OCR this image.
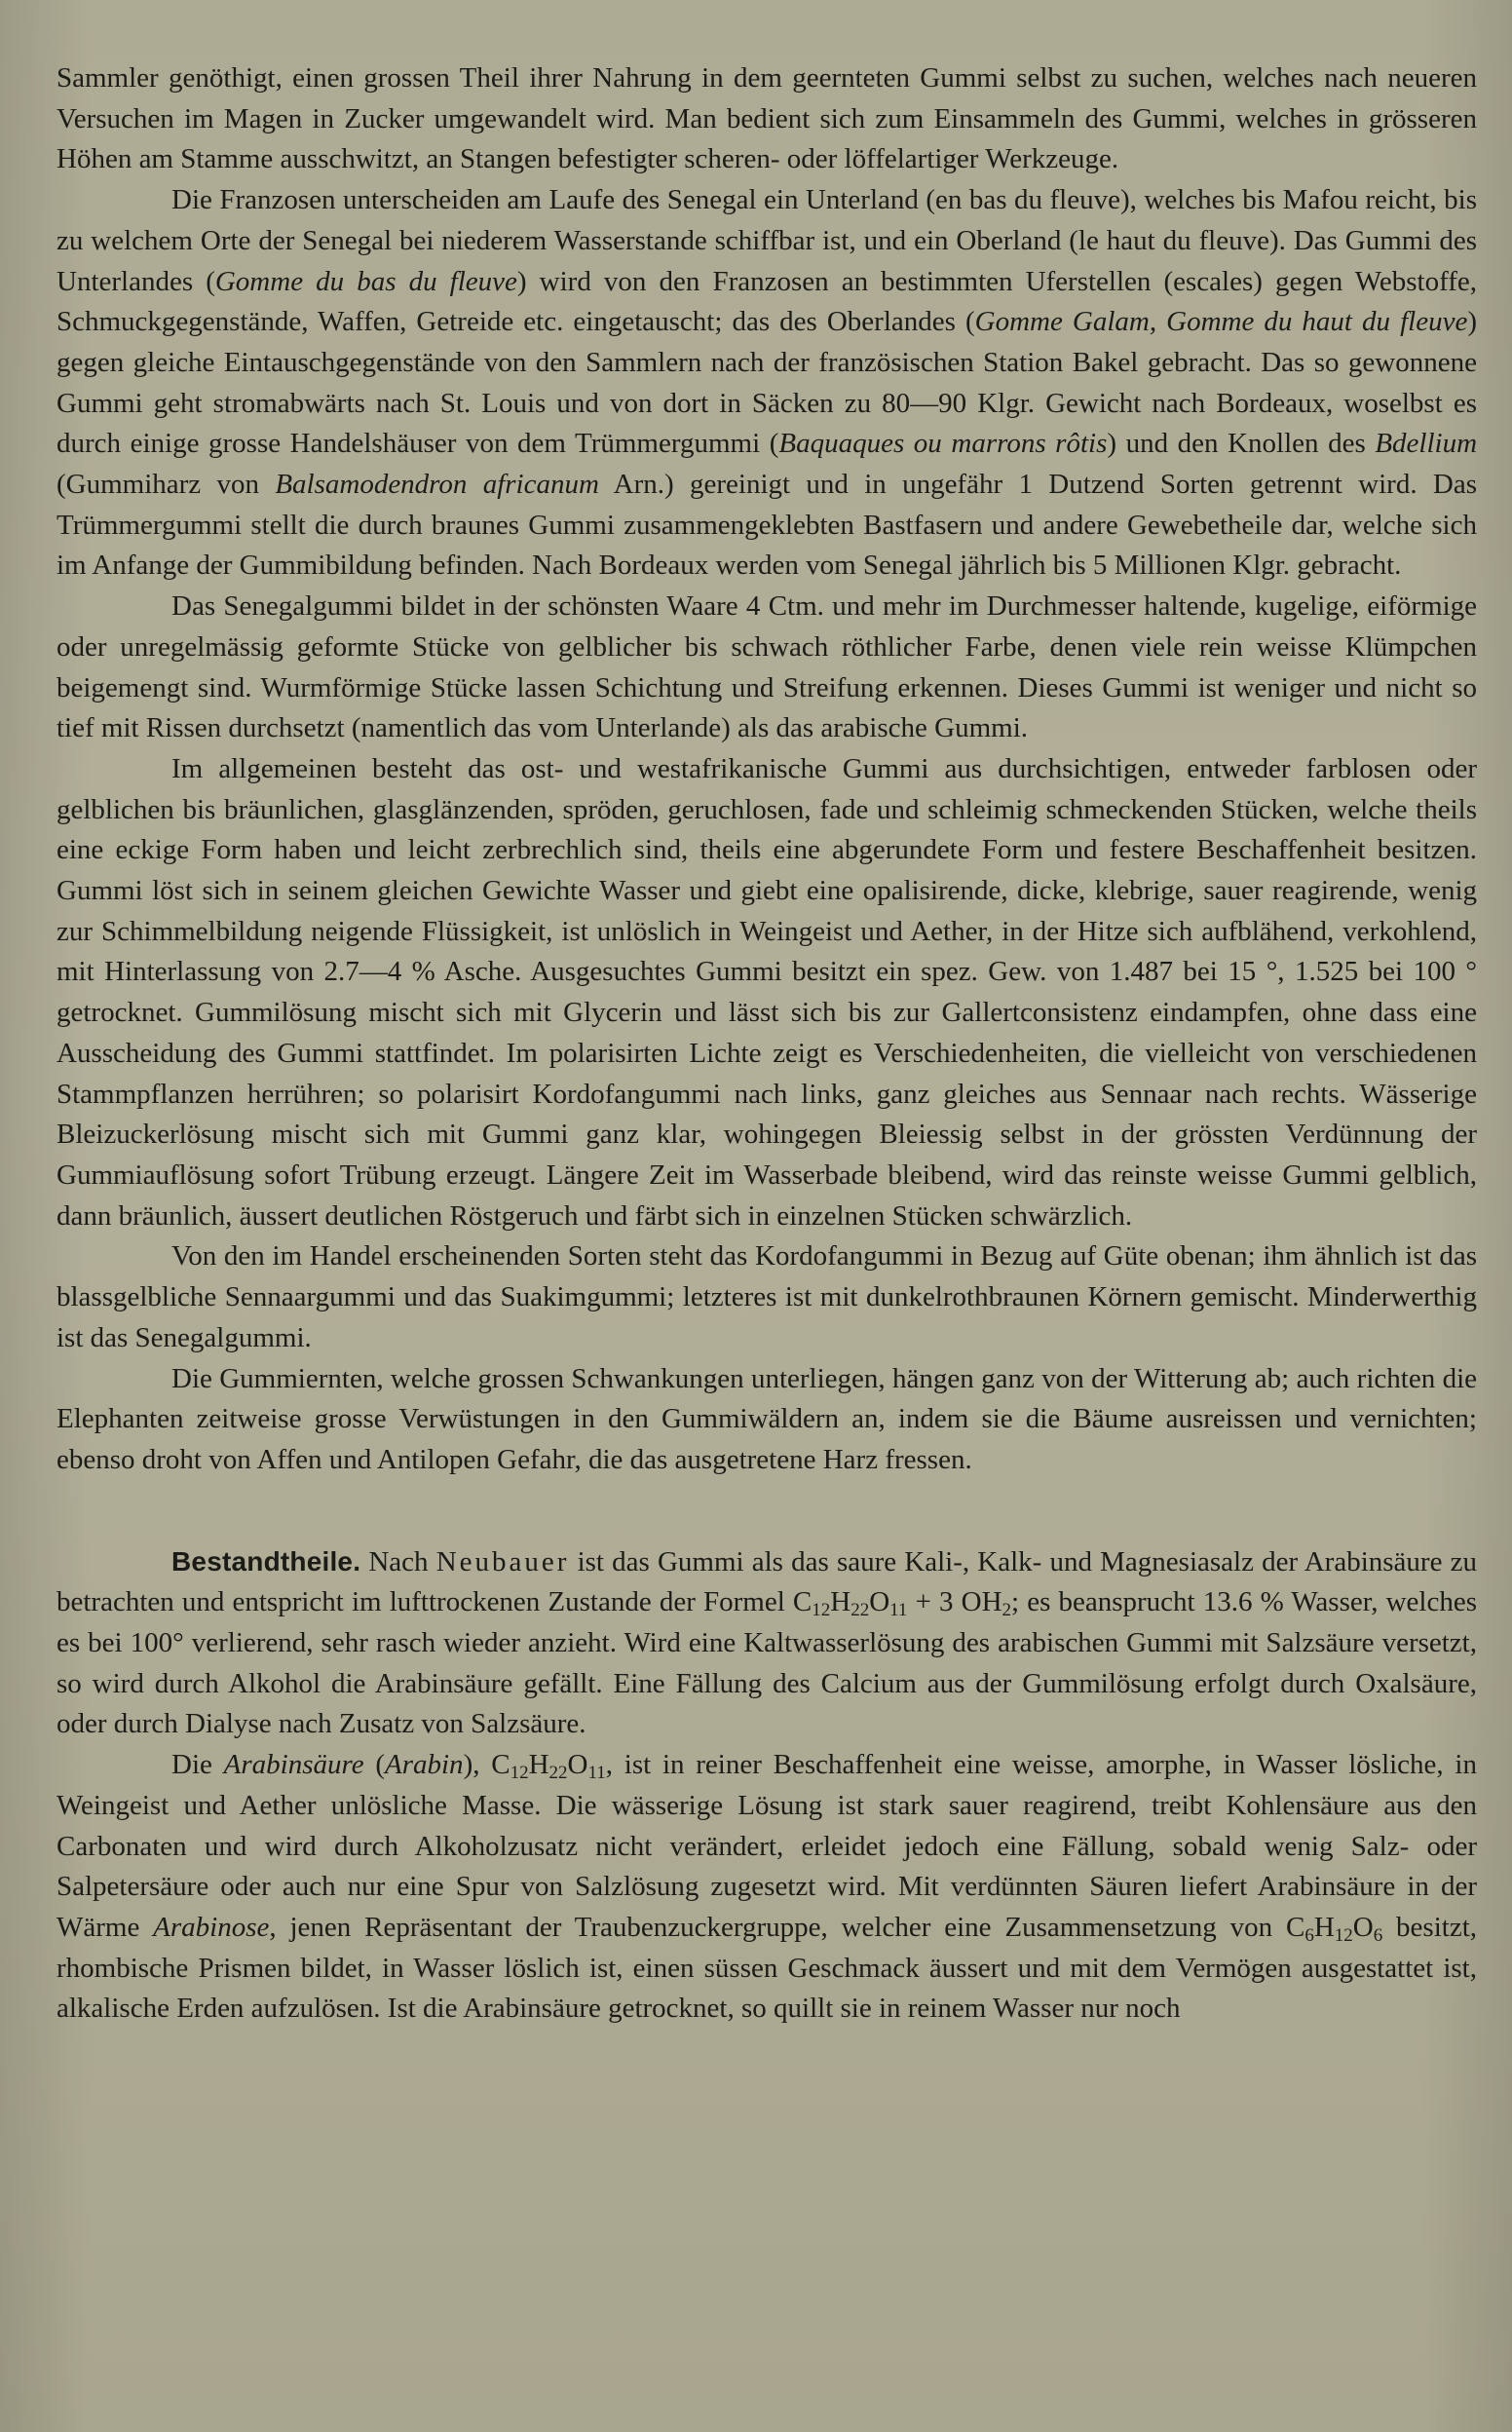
Sammler genöthigt, einen grossen Theil ihrer Nahrung in dem geernteten Gummi selbst zu suchen, welches nach neueren Versuchen im Magen in Zucker umgewandelt wird. Man bedient sich zum Einsammeln des Gummi, welches in grösseren Höhen am Stamme ausschwitzt, an Stangen befestigter scheren- oder löffelartiger Werkzeuge.

Die Franzosen unterscheiden am Laufe des Senegal ein Unterland (en bas du fleuve), welches bis Mafou reicht, bis zu welchem Orte der Senegal bei niederem Wasserstande schiffbar ist, und ein Oberland (le haut du fleuve). Das Gummi des Unterlandes (Gomme du bas du fleuve) wird von den Franzosen an bestimmten Uferstellen (escales) gegen Webstoffe, Schmuckgegenstände, Waffen, Getreide etc. eingetauscht; das des Oberlandes (Gomme Galam, Gomme du haut du fleuve) gegen gleiche Eintauschgegenstände von den Sammlern nach der französischen Station Bakel gebracht. Das so gewonnene Gummi geht stromabwärts nach St. Louis und von dort in Säcken zu 80—90 Klgr. Gewicht nach Bordeaux, woselbst es durch einige grosse Handelshäuser von dem Trümmergummi (Baquaques ou marrons rôtis) und den Knollen des Bdellium (Gummiharz von Balsamodendron africanum Arn.) gereinigt und in ungefähr 1 Dutzend Sorten getrennt wird. Das Trümmergummi stellt die durch braunes Gummi zusammengeklebten Bastfasern und andere Gewebetheile dar, welche sich im Anfange der Gummibildung befinden. Nach Bordeaux werden vom Senegal jährlich bis 5 Millionen Klgr. gebracht.

Das Senegalgummi bildet in der schönsten Waare 4 Ctm. und mehr im Durchmesser haltende, kugelige, eiförmige oder unregelmässig geformte Stücke von gelblicher bis schwach röthlicher Farbe, denen viele rein weisse Klümpchen beigemengt sind. Wurmförmige Stücke lassen Schichtung und Streifung erkennen. Dieses Gummi ist weniger und nicht so tief mit Rissen durchsetzt (namentlich das vom Unterlande) als das arabische Gummi.

Im allgemeinen besteht das ost- und westafrikanische Gummi aus durchsichtigen, entweder farblosen oder gelblichen bis bräunlichen, glasglänzenden, spröden, geruchlosen, fade und schleimig schmeckenden Stücken, welche theils eine eckige Form haben und leicht zerbrechlich sind, theils eine abgerundete Form und festere Beschaffenheit besitzen. Gummi löst sich in seinem gleichen Gewichte Wasser und giebt eine opalisirende, dicke, klebrige, sauer reagirende, wenig zur Schimmelbildung neigende Flüssigkeit, ist unlöslich in Weingeist und Aether, in der Hitze sich aufblähend, verkohlend, mit Hinterlassung von 2.7—4 % Asche. Ausgesuchtes Gummi besitzt ein spez. Gew. von 1.487 bei 15 °, 1.525 bei 100 ° getrocknet. Gummilösung mischt sich mit Glycerin und lässt sich bis zur Gallertconsistenz eindampfen, ohne dass eine Ausscheidung des Gummi stattfindet. Im polarisirten Lichte zeigt es Verschiedenheiten, die vielleicht von verschiedenen Stammpflanzen herrühren; so polarisirt Kordofangummi nach links, ganz gleiches aus Sennaar nach rechts. Wässerige Bleizuckerlösung mischt sich mit Gummi ganz klar, wohingegen Bleiessig selbst in der grössten Verdünnung der Gummiauflösung sofort Trübung erzeugt. Längere Zeit im Wasserbade bleibend, wird das reinste weisse Gummi gelblich, dann bräunlich, äussert deutlichen Röstgeruch und färbt sich in einzelnen Stücken schwärzlich.

Von den im Handel erscheinenden Sorten steht das Kordofangummi in Bezug auf Güte obenan; ihm ähnlich ist das blassgelbliche Sennaargummi und das Suakimgummi; letzteres ist mit dunkelrothbraunen Körnern gemischt. Minderwerthig ist das Senegalgummi.

Die Gummiernten, welche grossen Schwankungen unterliegen, hängen ganz von der Witterung ab; auch richten die Elephanten zeitweise grosse Verwüstungen in den Gummiwäldern an, indem sie die Bäume ausreissen und vernichten; ebenso droht von Affen und Antilopen Gefahr, die das ausgetretene Harz fressen.

Bestandtheile. Nach Neubauer ist das Gummi als das saure Kali-, Kalk- und Magnesiasalz der Arabinsäure zu betrachten und entspricht im lufttrockenen Zustande der Formel $C_{12}H_{22}O_{11} + 3$ $OH_2$; es beansprucht 13.6 % Wasser, welches es bei 100° verlierend, sehr rasch wieder anzieht. Wird eine Kaltwasserlösung des arabischen Gummi mit Salzsäure versetzt, so wird durch Alkohol die Arabinsäure gefällt. Eine Fällung des Calcium aus der Gummilösung erfolgt durch Oxalsäure, oder durch Dialyse nach Zusatz von Salzsäure.

Die Arabinsäure (Arabin), $C_{12}H_{22}O_{11}$, ist in reiner Beschaffenheit eine weisse, amorphe, in Wasser lösliche, in Weingeist und Aether unlösliche Masse. Die wässerige Lösung ist stark sauer reagirend, treibt Kohlensäure aus den Carbonaten und wird durch Alkoholzusatz nicht verändert, erleidet jedoch eine Fällung, sobald wenig Salz- oder Salpetersäure oder auch nur eine Spur von Salzlösung zugesetzt wird. Mit verdünnten Säuren liefert Arabinsäure in der Wärme Arabinose, jenen Repräsentant der Traubenzuckergruppe, welcher eine Zusammensetzung von $C_6H_{12}O_6$ besitzt, rhombische Prismen bildet, in Wasser löslich ist, einen süssen Geschmack äussert und mit dem Vermögen ausgestattet ist, alkalische Erden aufzulösen. Ist die Arabinsäure getrocknet, so quillt sie in reinem Wasser nur noch
